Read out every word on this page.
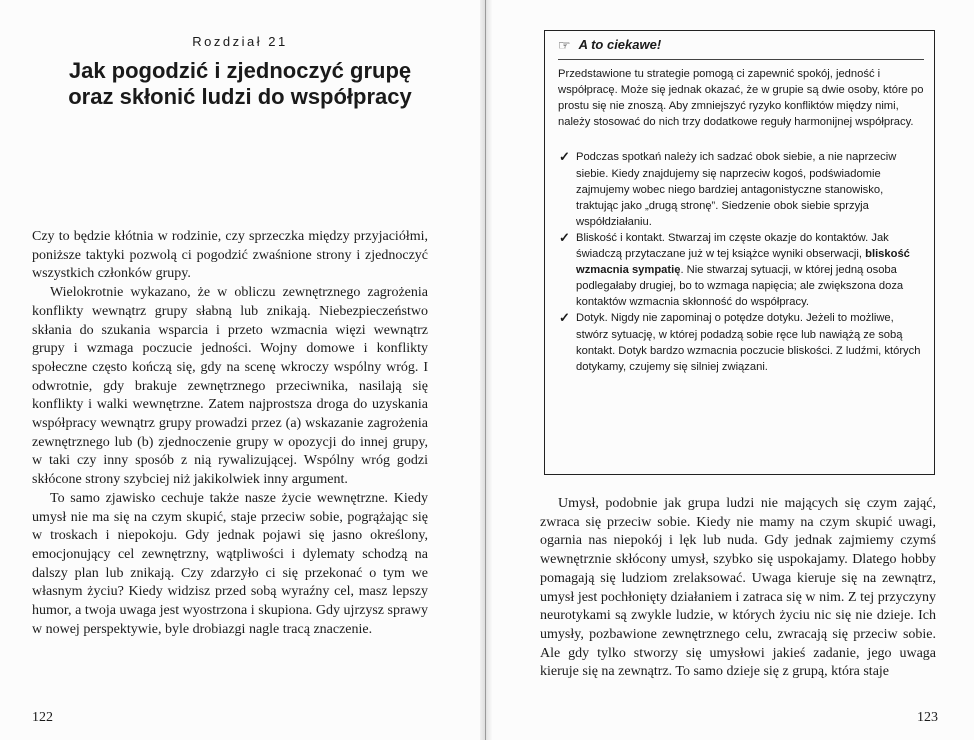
Rozdział 21
Jak pogodzić i zjednoczyć grupę
oraz skłonić ludzi do współpracy

Czy to będzie kłótnia w rodzinie, czy sprzeczka między przyjaciółmi, poniższe taktyki pozwolą ci pogodzić zwaśnione strony i zjednoczyć wszystkich członków grupy.

Wielokrotnie wykazano, że w obliczu zewnętrznego zagrożenia konflikty wewnątrz grupy słabną lub znikają. Niebezpieczeństwo skłania do szukania wsparcia i przeto wzmacnia więzi wewnątrz grupy i wzmaga poczucie jedności. Wojny domowe i konflikty społeczne często kończą się, gdy na scenę wkroczy wspólny wróg. I odwrotnie, gdy brakuje zewnętrznego przeciwnika, nasilają się konflikty i walki wewnętrzne. Zatem najprostsza droga do uzyskania współpracy wewnątrz grupy prowadzi przez (a) wskazanie zagrożenia zewnętrznego lub (b) zjednoczenie grupy w opozycji do innej grupy, w taki czy inny sposób z nią rywalizującej. Wspólny wróg godzi skłócone strony szybciej niż jakikolwiek inny argument.

To samo zjawisko cechuje także nasze życie wewnętrzne. Kiedy umysł nie ma się na czym skupić, staje przeciw sobie, pogrążając się w troskach i niepokoju. Gdy jednak pojawi się jasno określony, emocjonujący cel zewnętrzny, wątpliwości i dylematy schodzą na dalszy plan lub znikają. Czy zdarzyło ci się przekonać o tym we własnym życiu? Kiedy widzisz przed sobą wyraźny cel, masz lepszy humor, a twoja uwaga jest wyostrzona i skupiona. Gdy ujrzysz sprawy w nowej perspektywie, byle drobiazgi nagle tracą znaczenie.

122
☞ A to ciekawe!

Przedstawione tu strategie pomogą ci zapewnić spokój, jedność i współpracę. Może się jednak okazać, że w grupie są dwie osoby, które po prostu się nie znoszą. Aby zmniejszyć ryzyko konfliktów między nimi, należy stosować do nich trzy dodatkowe reguły harmonijnej współpracy.

✓ Podczas spotkań należy ich sadzać obok siebie, a nie naprzeciw siebie. Kiedy znajdujemy się naprzeciw kogoś, podświadomie zajmujemy wobec niego bardziej antagonistyczne stanowisko, traktując jako „drugą stronę”. Siedzenie obok siebie sprzyja współdziałaniu.
✓ Bliskość i kontakt. Stwarzaj im częste okazje do kontaktów. Jak świadczą przytaczane już w tej książce wyniki obserwacji, bliskość wzmacnia sympatię. Nie stwarzaj sytuacji, w której jedną osoba podlegałaby drugiej, bo to wzmaga napięcia; ale zwiększona doza kontaktów wzmacnia skłonność do współpracy.
✓ Dotyk. Nigdy nie zapominaj o potędze dotyku. Jeżeli to możliwe, stwórz sytuację, w której podadzą sobie ręce lub nawiążą ze sobą kontakt. Dotyk bardzo wzmacnia poczucie bliskości. Z ludźmi, których dotykamy, czujemy się silniej związani.

Umysł, podobnie jak grupa ludzi nie mających się czym zająć, zwraca się przeciw sobie. Kiedy nie mamy na czym skupić uwagi, ogarnia nas niepokój i lęk lub nuda. Gdy jednak zajmiemy czymś wewnętrznie skłócony umysł, szybko się uspokajamy. Dlatego hobby pomagają się ludziom zrelaksować. Uwaga kieruje się na zewnątrz, umysł jest pochłonięty działaniem i zatraca się w nim. Z tej przyczyny neurotykami są zwykle ludzie, w których życiu nic się nie dzieje. Ich umysły, pozbawione zewnętrznego celu, zwracają się przeciw sobie. Ale gdy tylko stworzy się umysłowi jakieś zadanie, jego uwaga kieruje się na zewnątrz. To samo dzieje się z grupą, która staje

123
